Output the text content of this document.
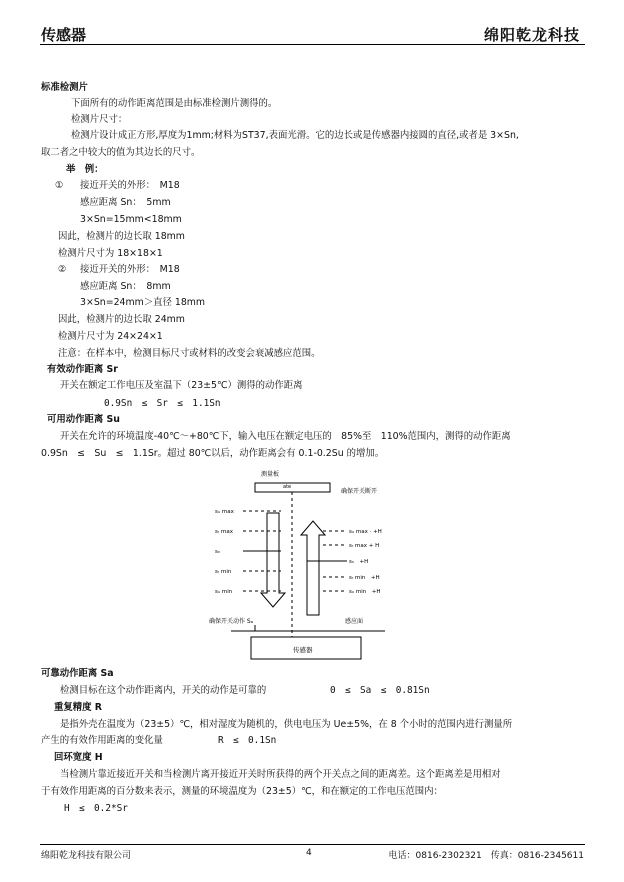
传感器	绵阳乾龙科技
标准检测片
下面所有的动作距离范围是由标准检测片测得的。
检测片尺寸：
检测片设计成正方形,厚度为1mm;材料为ST37,表面光滑。它的边长或是传感器内接圆的直径,或者是 3×Sn,
取二者之中较大的值为其边长的尺寸。
举　例：
① 接近开关的外形：　M18
感应距离 Sn：　5mm
3×Sn=15mm<18mm
因此，检测片的边长取 18mm
检测片尺寸为 18×18×1
② 接近开关的外形：　M18
感应距离 Sn：　8mm
3×Sn=24mm＞直径 18mm
因此，检测片的边长取 24mm
检测片尺寸为 24×24×1
注意：在样本中，检测目标尺寸或材料的改变会衰减感应范围。
有效动作距离 Sr
开关在额定工作电压及室温下（23±5℃）测得的动作距离
0.9Sn　≤　Sr　≤　1.1Sn
可用动作距离 Su
开关在允许的环境温度-40℃～+80℃下，输入电压在额定电压的　85%至　110%范围内，测得的动作距离
0.9Sn　≤　Su　≤　1.1Sr。超过 80℃以后，动作距离会有 0.1-0.2Su 的增加。
测量板
ate
确保开关断开
sᵤ max
sᵣ max
sₙ
sᵣ min
sᵤ min
sᵤ max · +H
sᵣ max + H
sₙ　+H
sᵣ min　+H
sᵤ min　+H
确保开关动作 Sₐ	感应面
传感器
可靠动作距离 Sa
检测目标在这个动作距离内，开关的动作是可靠的	0　≤　Sa　≤　0.81Sn
重复精度 R
是指外壳在温度为（23±5）℃，相对湿度为随机的，供电电压为 Ue±5%，在 8 个小时的范围内进行测量所
产生的有效作用距离的变化量	R　≤　0.1Sn
回环宽度 H
当检测片靠近接近开关和当检测片离开接近开关时所获得的两个开关点之间的距离差。这个距离差是用相对
于有效作用距离的百分数来表示，测量的环境温度为（23±5）℃，和在额定的工作电压范围内：
H　≤　0.2*Sr
绵阳乾龙科技有限公司	4	电话：0816-2302321　传真：0816-2345611
